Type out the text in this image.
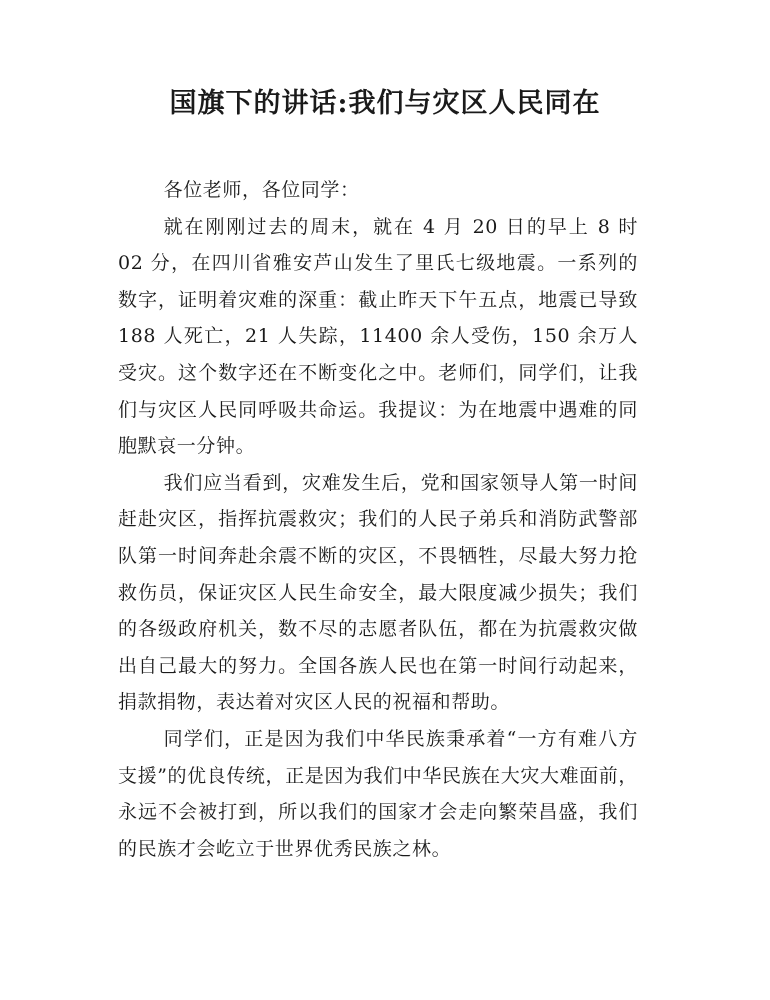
国旗下的讲话:我们与灾区人民同在

各位老师，各位同学：

就在刚刚过去的周末，就在 4 月 20 日的早上 8 时 02 分，在四川省雅安芦山发生了里氏七级地震。一系列的数字，证明着灾难的深重：截止昨天下午五点，地震已导致 188 人死亡，21 人失踪，11400 余人受伤，150 余万人受灾。这个数字还在不断变化之中。老师们，同学们，让我们与灾区人民同呼吸共命运。我提议：为在地震中遇难的同胞默哀一分钟。

我们应当看到，灾难发生后，党和国家领导人第一时间赶赴灾区，指挥抗震救灾；我们的人民子弟兵和消防武警部队第一时间奔赴余震不断的灾区，不畏牺牲，尽最大努力抢救伤员，保证灾区人民生命安全，最大限度减少损失；我们的各级政府机关，数不尽的志愿者队伍，都在为抗震救灾做出自己最大的努力。全国各族人民也在第一时间行动起来，捐款捐物，表达着对灾区人民的祝福和帮助。

同学们，正是因为我们中华民族秉承着“一方有难八方支援”的优良传统，正是因为我们中华民族在大灾大难面前，永远不会被打到，所以我们的国家才会走向繁荣昌盛，我们的民族才会屹立于世界优秀民族之林。
